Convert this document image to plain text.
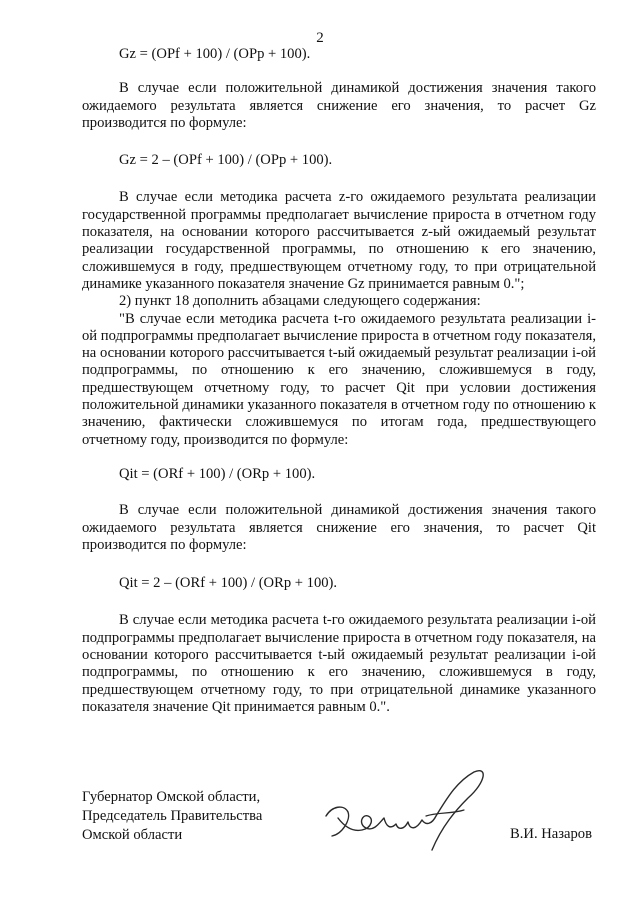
2
Gz = (OPf + 100) / (OPp + 100).

В случае если положительной динамикой достижения значения такого ожидаемого результата является снижение его значения, то расчет Gz производится по формуле:

Gz = 2 – (OPf + 100) / (OPp + 100).

В случае если методика расчета z-го ожидаемого результата реализации государственной программы предполагает вычисление прироста в отчетном году показателя, на основании которого рассчитывается z-ый ожидаемый результат реализации государственной программы, по отношению к его значению, сложившемуся в году, предшествующем отчетному году, то при отрицательной динамике указанного показателя значение Gz принимается равным 0.";

2) пункт 18 дополнить абзацами следующего содержания:

"В случае если методика расчета t-го ожидаемого результата реализации i-ой подпрограммы предполагает вычисление прироста в отчетном году показателя, на основании которого рассчитывается t-ый ожидаемый результат реализации i-ой подпрограммы, по отношению к его значению, сложившемуся в году, предшествующем отчетному году, то расчет Qit при условии достижения положительной динамики указанного показателя в отчетном году по отношению к значению, фактически сложившемуся по итогам года, предшествующего отчетному году, производится по формуле:

Qit = (ORf + 100) / (ORp + 100).

В случае если положительной динамикой достижения значения такого ожидаемого результата является снижение его значения, то расчет Qit производится по формуле:

Qit = 2 – (ORf + 100) / (ORp + 100).

В случае если методика расчета t-го ожидаемого результата реализации i-ой подпрограммы предполагает вычисление прироста в отчетном году показателя, на основании которого рассчитывается t-ый ожидаемый результат реализации i-ой подпрограммы, по отношению к его значению, сложившемуся в году, предшествующем отчетному году, то при отрицательной динамике указанного показателя значение Qit принимается равным 0.".

Губернатор Омской области,
Председатель Правительства
Омской области	В.И. Назаров
